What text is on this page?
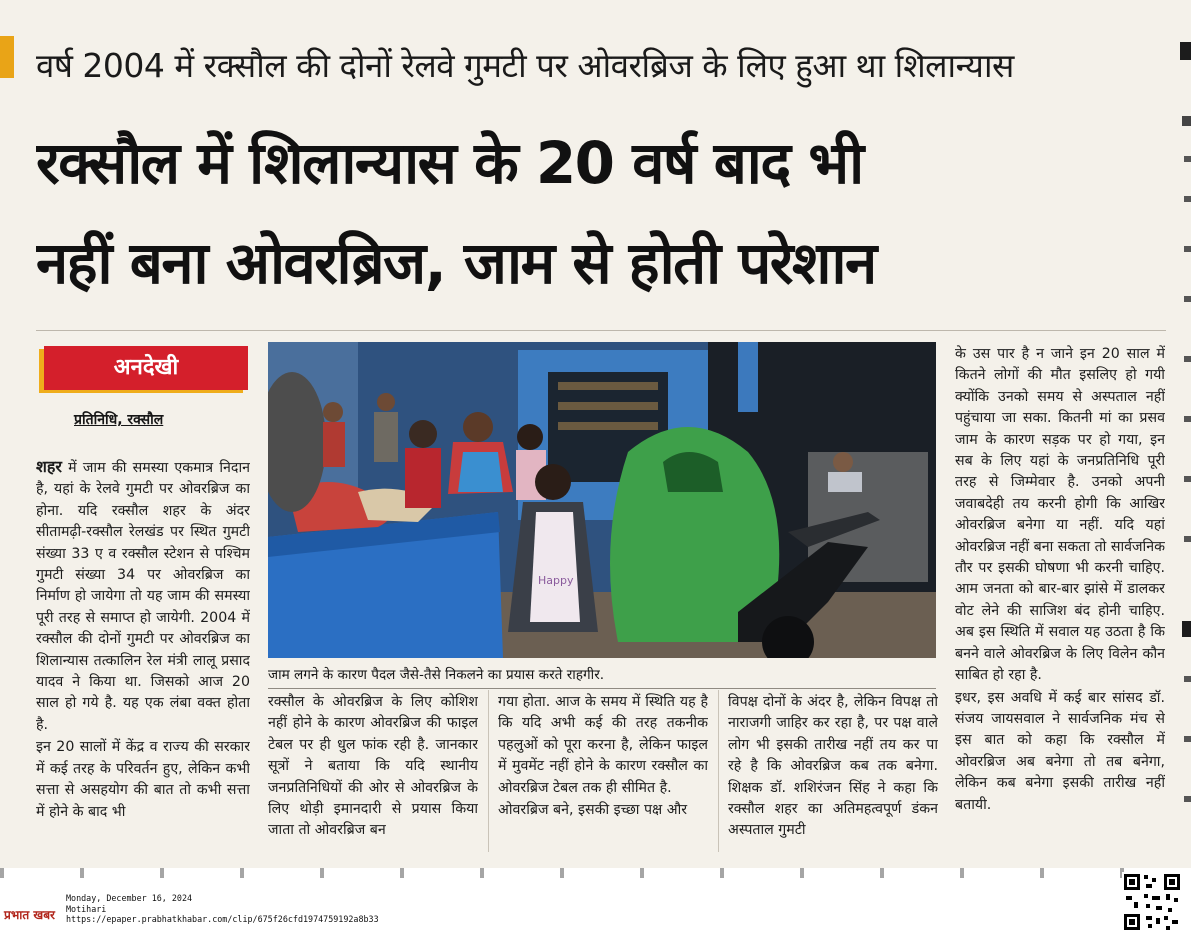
वर्ष 2004 में रक्सौल की दोनों रेलवे गुमटी पर ओवरब्रिज के लिए हुआ था शिलान्यास
रक्सौल में शिलान्यास के 20 वर्ष बाद भी
नहीं बना ओवरब्रिज, जाम से होती परेशान
अनदेखी
प्रतिनिधि, रक्सौल

शहर में जाम की समस्या एकमात्र निदान है, यहां के रेलवे गुमटी पर ओवरब्रिज का होना. यदि रक्सौल शहर के अंदर सीतामढ़ी-रक्सौल रेलखंड पर स्थित गुमटी संख्या 33 ए व रक्सौल स्टेशन से पश्चिम गुमटी संख्या 34 पर ओवरब्रिज का निर्माण हो जायेगा तो यह जाम की समस्या पूरी तरह से समाप्त हो जायेगी. 2004 में रक्सौल की दोनों गुमटी पर ओवरब्रिज का शिलान्यास तत्कालिन रेल मंत्री लालू प्रसाद यादव ने किया था. जिसको आज 20 साल हो गये है. यह एक लंबा वक्त होता है.

इन 20 सालों में केंद्र व राज्य की सरकार में कई तरह के परिवर्तन हुए, लेकिन कभी सत्ता से असहयोग की बात तो कभी सत्ता में होने के बाद भी

Happy
जाम लगने के कारण पैदल जैसे-तैसे निकलने का प्रयास करते राहगीर.

रक्सौल के ओवरब्रिज के लिए कोशिश नहीं होने के कारण ओवरब्रिज की फाइल टेबल पर ही धुल फांक रही है. जानकार सूत्रों ने बताया कि यदि स्थानीय जनप्रतिनिधियों की ओर से ओवरब्रिज के लिए थोड़ी इमानदारी से प्रयास किया जाता तो ओवरब्रिज बन

गया होता. आज के समय में स्थिति यह है कि यदि अभी कई की तरह तकनीक पहलुओं को पूरा करना है, लेकिन फाइल में मुवमेंट नहीं होने के कारण रक्सौल का ओवरब्रिज टेबल तक ही सीमित है.

ओवरब्रिज बने, इसकी इच्छा पक्ष और

विपक्ष दोनों के अंदर है, लेकिन विपक्ष तो नाराजगी जाहिर कर रहा है, पर पक्ष वाले लोग भी इसकी तारीख नहीं तय कर पा रहे है कि ओवरब्रिज कब तक बनेगा. शिक्षक डॉ. शशिरंजन सिंह ने कहा कि रक्सौल शहर का अतिमहत्वपूर्ण डंकन अस्पताल गुमटी

के उस पार है न जाने इन 20 साल में कितने लोगों की मौत इसलिए हो गयी क्योंकि उनको समय से अस्पताल नहीं पहुंचाया जा सका. कितनी मां का प्रसव जाम के कारण सड़क पर हो गया, इन सब के लिए यहां के जनप्रतिनिधि पूरी तरह से जिम्मेवार है. उनको अपनी जवाबदेही तय करनी होगी कि आखिर ओवरब्रिज बनेगा या नहीं. यदि यहां ओवरब्रिज नहीं बना सकता तो सार्वजनिक तौर पर इसकी घोषणा भी करनी चाहिए. आम जनता को बार-बार झांसे में डालकर वोट लेने की साजिश बंद होनी चाहिए. अब इस स्थिति में सवाल यह उठता है कि बनने वाले ओवरब्रिज के लिए विलेन कौन साबित हो रहा है.

इधर, इस अवधि में कई बार सांसद डॉ. संजय जायसवाल ने सार्वजनिक मंच से इस बात को कहा कि रक्सौल में ओवरब्रिज अब बनेगा तो तब बनेगा, लेकिन कब बनेगा इसकी तारीख नहीं बतायी.

प्रभात खबर
Monday, December 16, 2024
Motihari
https://epaper.prabhatkhabar.com/clip/675f26cfd1974759192a8b33
